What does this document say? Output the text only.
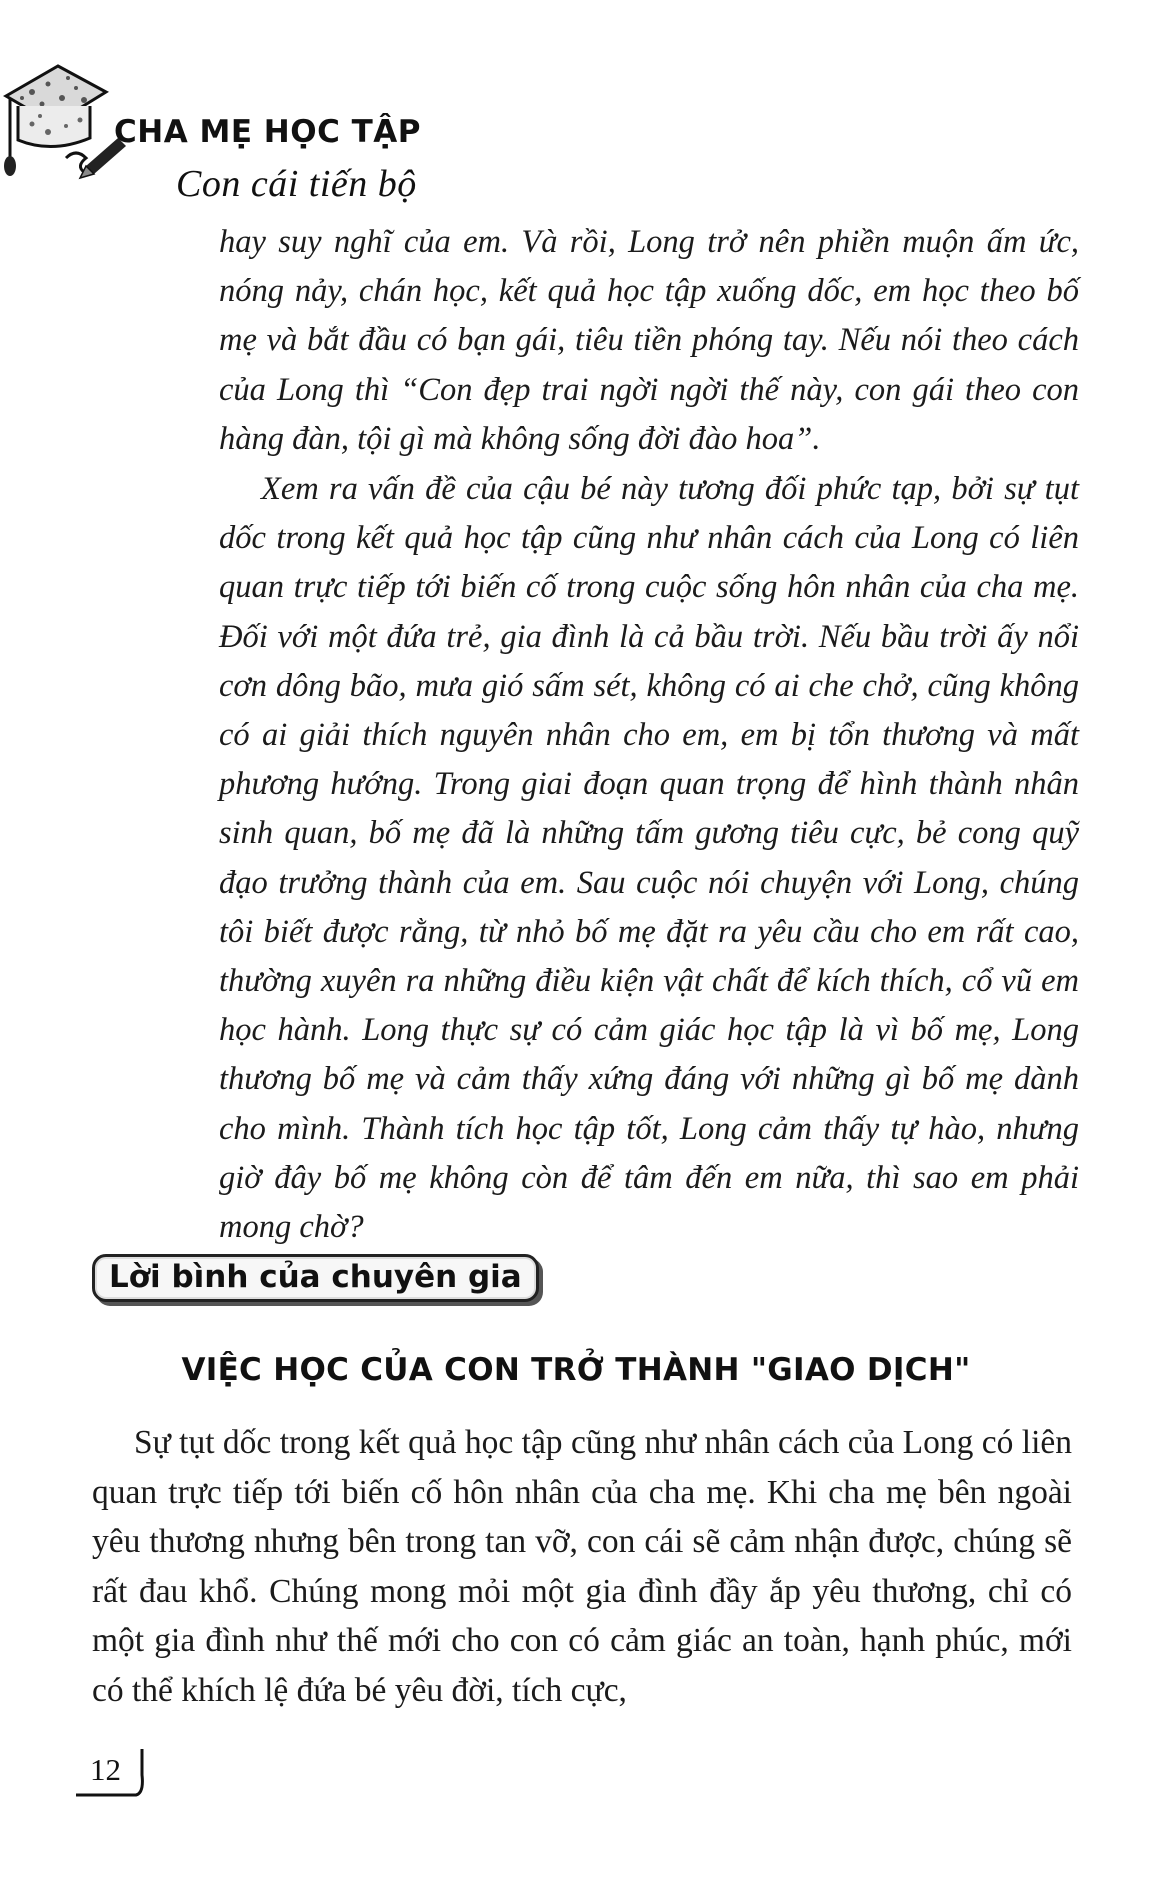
CHA MẸ HỌC TẬP
Con cái tiến bộ

hay suy nghĩ của em. Và rồi, Long trở nên phiền muộn ấm ức, nóng nảy, chán học, kết quả học tập xuống dốc, em học theo bố mẹ và bắt đầu có bạn gái, tiêu tiền phóng tay. Nếu nói theo cách của Long thì “Con đẹp trai ngời ngời thế này, con gái theo con hàng đàn, tội gì mà không sống đời đào hoa”.

Xem ra vấn đề của cậu bé này tương đối phức tạp, bởi sự tụt dốc trong kết quả học tập cũng như nhân cách của Long có liên quan trực tiếp tới biến cố trong cuộc sống hôn nhân của cha mẹ. Đối với một đứa trẻ, gia đình là cả bầu trời. Nếu bầu trời ấy nổi cơn dông bão, mưa gió sấm sét, không có ai che chở, cũng không có ai giải thích nguyên nhân cho em, em bị tổn thương và mất phương hướng. Trong giai đoạn quan trọng để hình thành nhân sinh quan, bố mẹ đã là những tấm gương tiêu cực, bẻ cong quỹ đạo trưởng thành của em. Sau cuộc nói chuyện với Long, chúng tôi biết được rằng, từ nhỏ bố mẹ đặt ra yêu cầu cho em rất cao, thường xuyên ra những điều kiện vật chất để kích thích, cổ vũ em học hành. Long thực sự có cảm giác học tập là vì bố mẹ, Long thương bố mẹ và cảm thấy xứng đáng với những gì bố mẹ dành cho mình. Thành tích học tập tốt, Long cảm thấy tự hào, nhưng giờ đây bố mẹ không còn để tâm đến em nữa, thì sao em phải mong chờ?

Lời bình của chuyên gia
VIỆC HỌC CỦA CON TRỞ THÀNH "GIAO DỊCH"

Sự tụt dốc trong kết quả học tập cũng như nhân cách của Long có liên quan trực tiếp tới biến cố hôn nhân của cha mẹ. Khi cha mẹ bên ngoài yêu thương nhưng bên trong tan vỡ, con cái sẽ cảm nhận được, chúng sẽ rất đau khổ. Chúng mong mỏi một gia đình đầy ắp yêu thương, chỉ có một gia đình như thế mới cho con có cảm giác an toàn, hạnh phúc, mới có thể khích lệ đứa bé yêu đời, tích cực,

12
